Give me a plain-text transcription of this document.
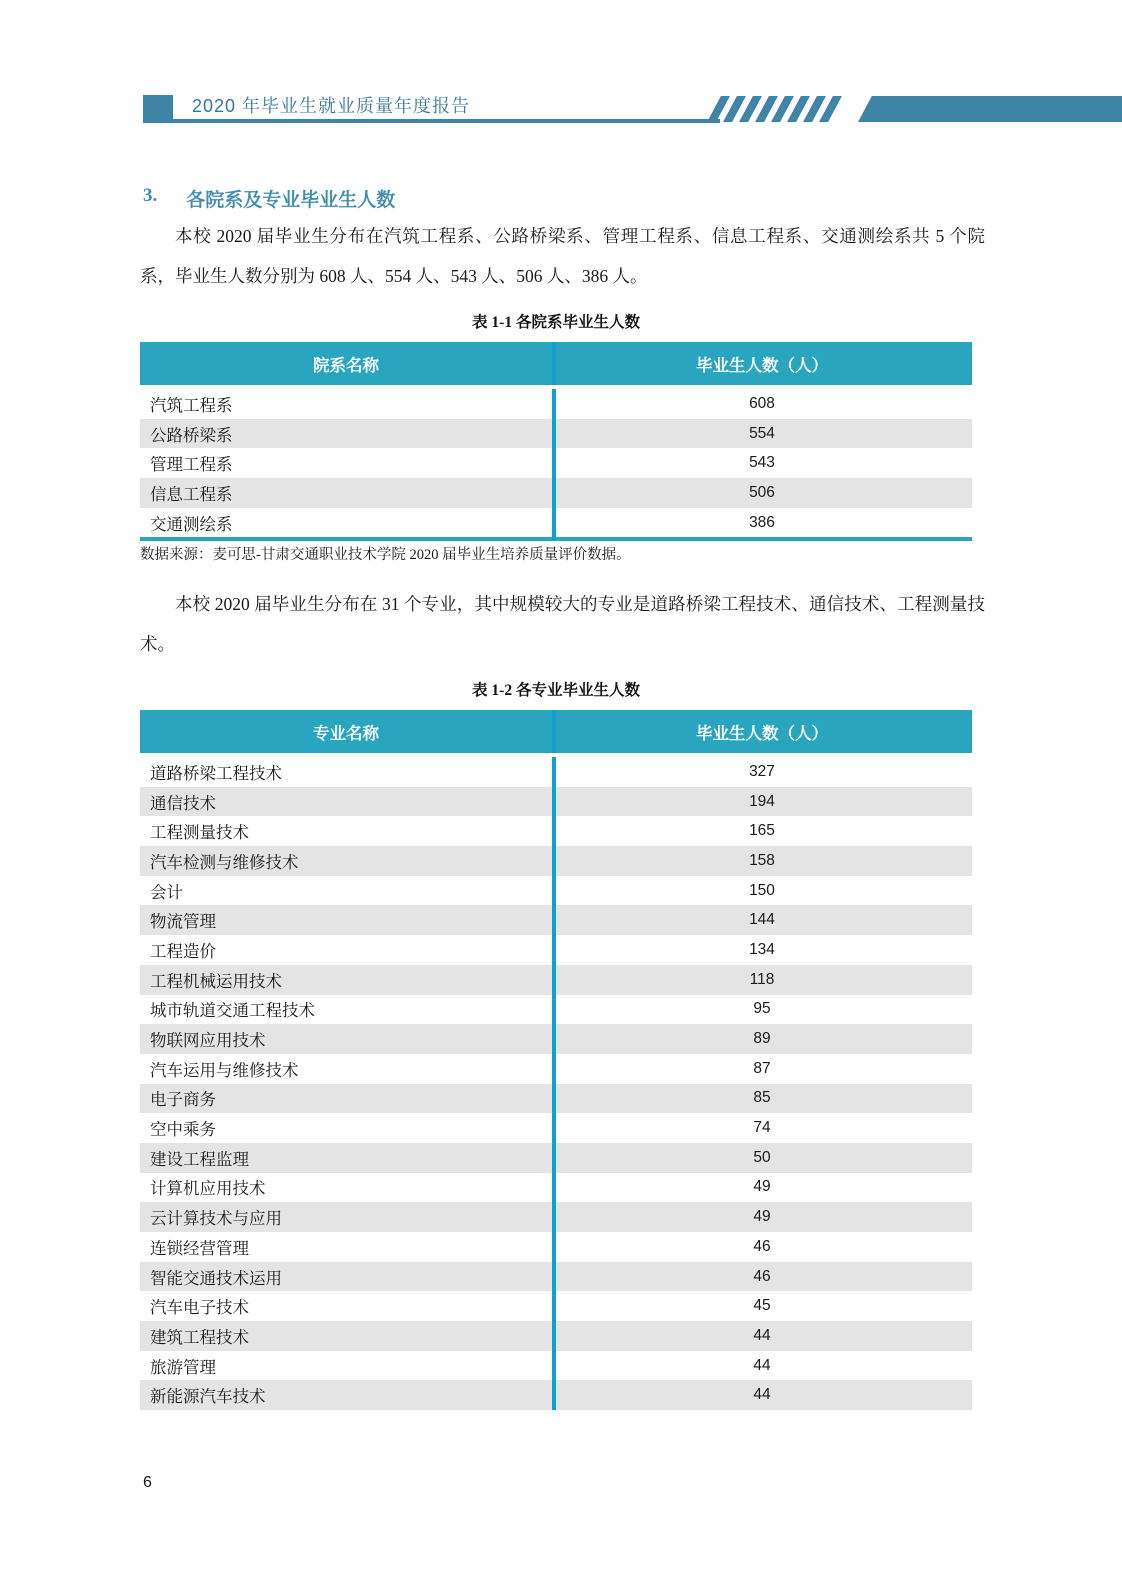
2020 年毕业生就业质量年度报告
3. 各院系及专业毕业生人数
本校 2020 届毕业生分布在汽筑工程系、公路桥梁系、管理工程系、信息工程系、交通测绘系共 5 个院系，毕业生人数分别为 608 人、554 人、543 人、506 人、386 人。
表 1-1 各院系毕业生人数
院系名称	毕业生人数（人）
汽筑工程系	608
公路桥梁系	554
管理工程系	543
信息工程系	506
交通测绘系	386
数据来源：麦可思-甘肃交通职业技术学院 2020 届毕业生培养质量评价数据。
本校 2020 届毕业生分布在 31 个专业，其中规模较大的专业是道路桥梁工程技术、通信技术、工程测量技术。
表 1-2 各专业毕业生人数
专业名称	毕业生人数（人）
道路桥梁工程技术	327
通信技术	194
工程测量技术	165
汽车检测与维修技术	158
会计	150
物流管理	144
工程造价	134
工程机械运用技术	118
城市轨道交通工程技术	95
物联网应用技术	89
汽车运用与维修技术	87
电子商务	85
空中乘务	74
建设工程监理	50
计算机应用技术	49
云计算技术与应用	49
连锁经营管理	46
智能交通技术运用	46
汽车电子技术	45
建筑工程技术	44
旅游管理	44
新能源汽车技术	44
6
